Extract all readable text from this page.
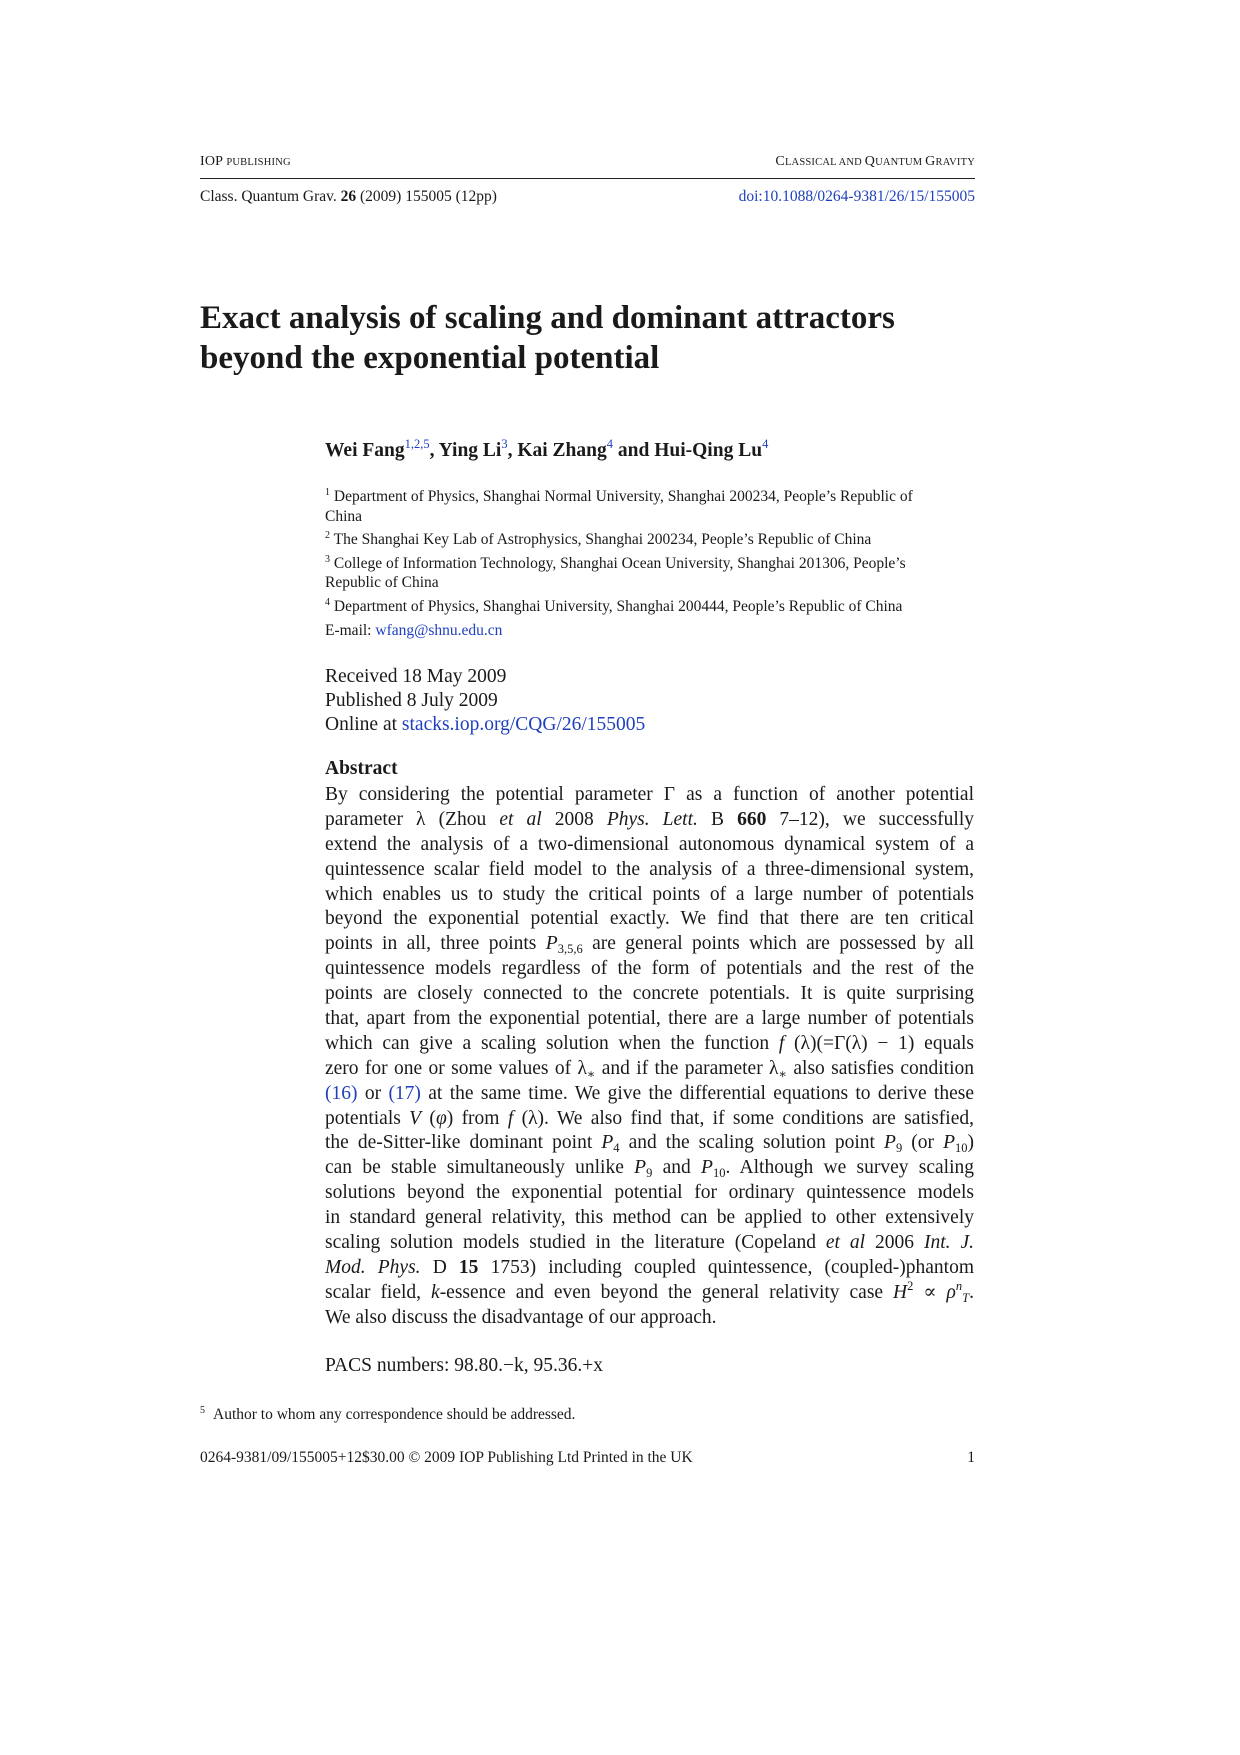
IOP PUBLISHING	CLASSICAL AND QUANTUM GRAVITY
Class. Quantum Grav. 26 (2009) 155005 (12pp)	doi:10.1088/0264-9381/26/15/155005
Exact analysis of scaling and dominant attractors
beyond the exponential potential
Wei Fang$^{1,2,5}$, Ying Li$^3$, Kai Zhang$^4$ and Hui-Qing Lu$^4$
$^1$ Department of Physics, Shanghai Normal University, Shanghai 200234, People’s Republic of
China
$^2$ The Shanghai Key Lab of Astrophysics, Shanghai 200234, People’s Republic of China
$^3$ College of Information Technology, Shanghai Ocean University, Shanghai 201306, People’s
Republic of China
$^4$ Department of Physics, Shanghai University, Shanghai 200444, People’s Republic of China
E-mail: wfang@shnu.edu.cn
Received 18 May 2009
Published 8 July 2009
Online at stacks.iop.org/CQG/26/155005
Abstract
By considering the potential parameter Γ as a function of another potential
parameter λ (Zhou et al 2008 Phys. Lett. B 660 7–12), we successfully
extend the analysis of a two-dimensional autonomous dynamical system of a
quintessence scalar field model to the analysis of a three-dimensional system,
which enables us to study the critical points of a large number of potentials
beyond the exponential potential exactly. We find that there are ten critical
points in all, three points $P_{3,5,6}$ are general points which are possessed by all
quintessence models regardless of the form of potentials and the rest of the
points are closely connected to the concrete potentials. It is quite surprising
that, apart from the exponential potential, there are a large number of potentials
which can give a scaling solution when the function f (λ)(=Γ(λ) − 1) equals
zero for one or some values of $\lambda_∗$ and if the parameter $\lambda_∗$ also satisfies condition
(16) or (17) at the same time. We give the differential equations to derive these
potentials V (φ) from f (λ). We also find that, if some conditions are satisfied,
the de-Sitter-like dominant point $P_4$ and the scaling solution point $P_9$ (or $P_{10}$)
can be stable simultaneously unlike $P_9$ and $P_{10}$. Although we survey scaling
solutions beyond the exponential potential for ordinary quintessence models
in standard general relativity, this method can be applied to other extensively
scaling solution models studied in the literature (Copeland et al 2006 Int. J.
Mod. Phys. D 15 1753) including coupled quintessence, (coupled-)phantom
scalar field, k-essence and even beyond the general relativity case $H^2 \propto \rho^n_T$.
We also discuss the disadvantage of our approach.
PACS numbers: 98.80.−k, 95.36.+x
$^5$ Author to whom any correspondence should be addressed.
0264-9381/09/155005+12$30.00 © 2009 IOP Publishing Ltd Printed in the UK	1
